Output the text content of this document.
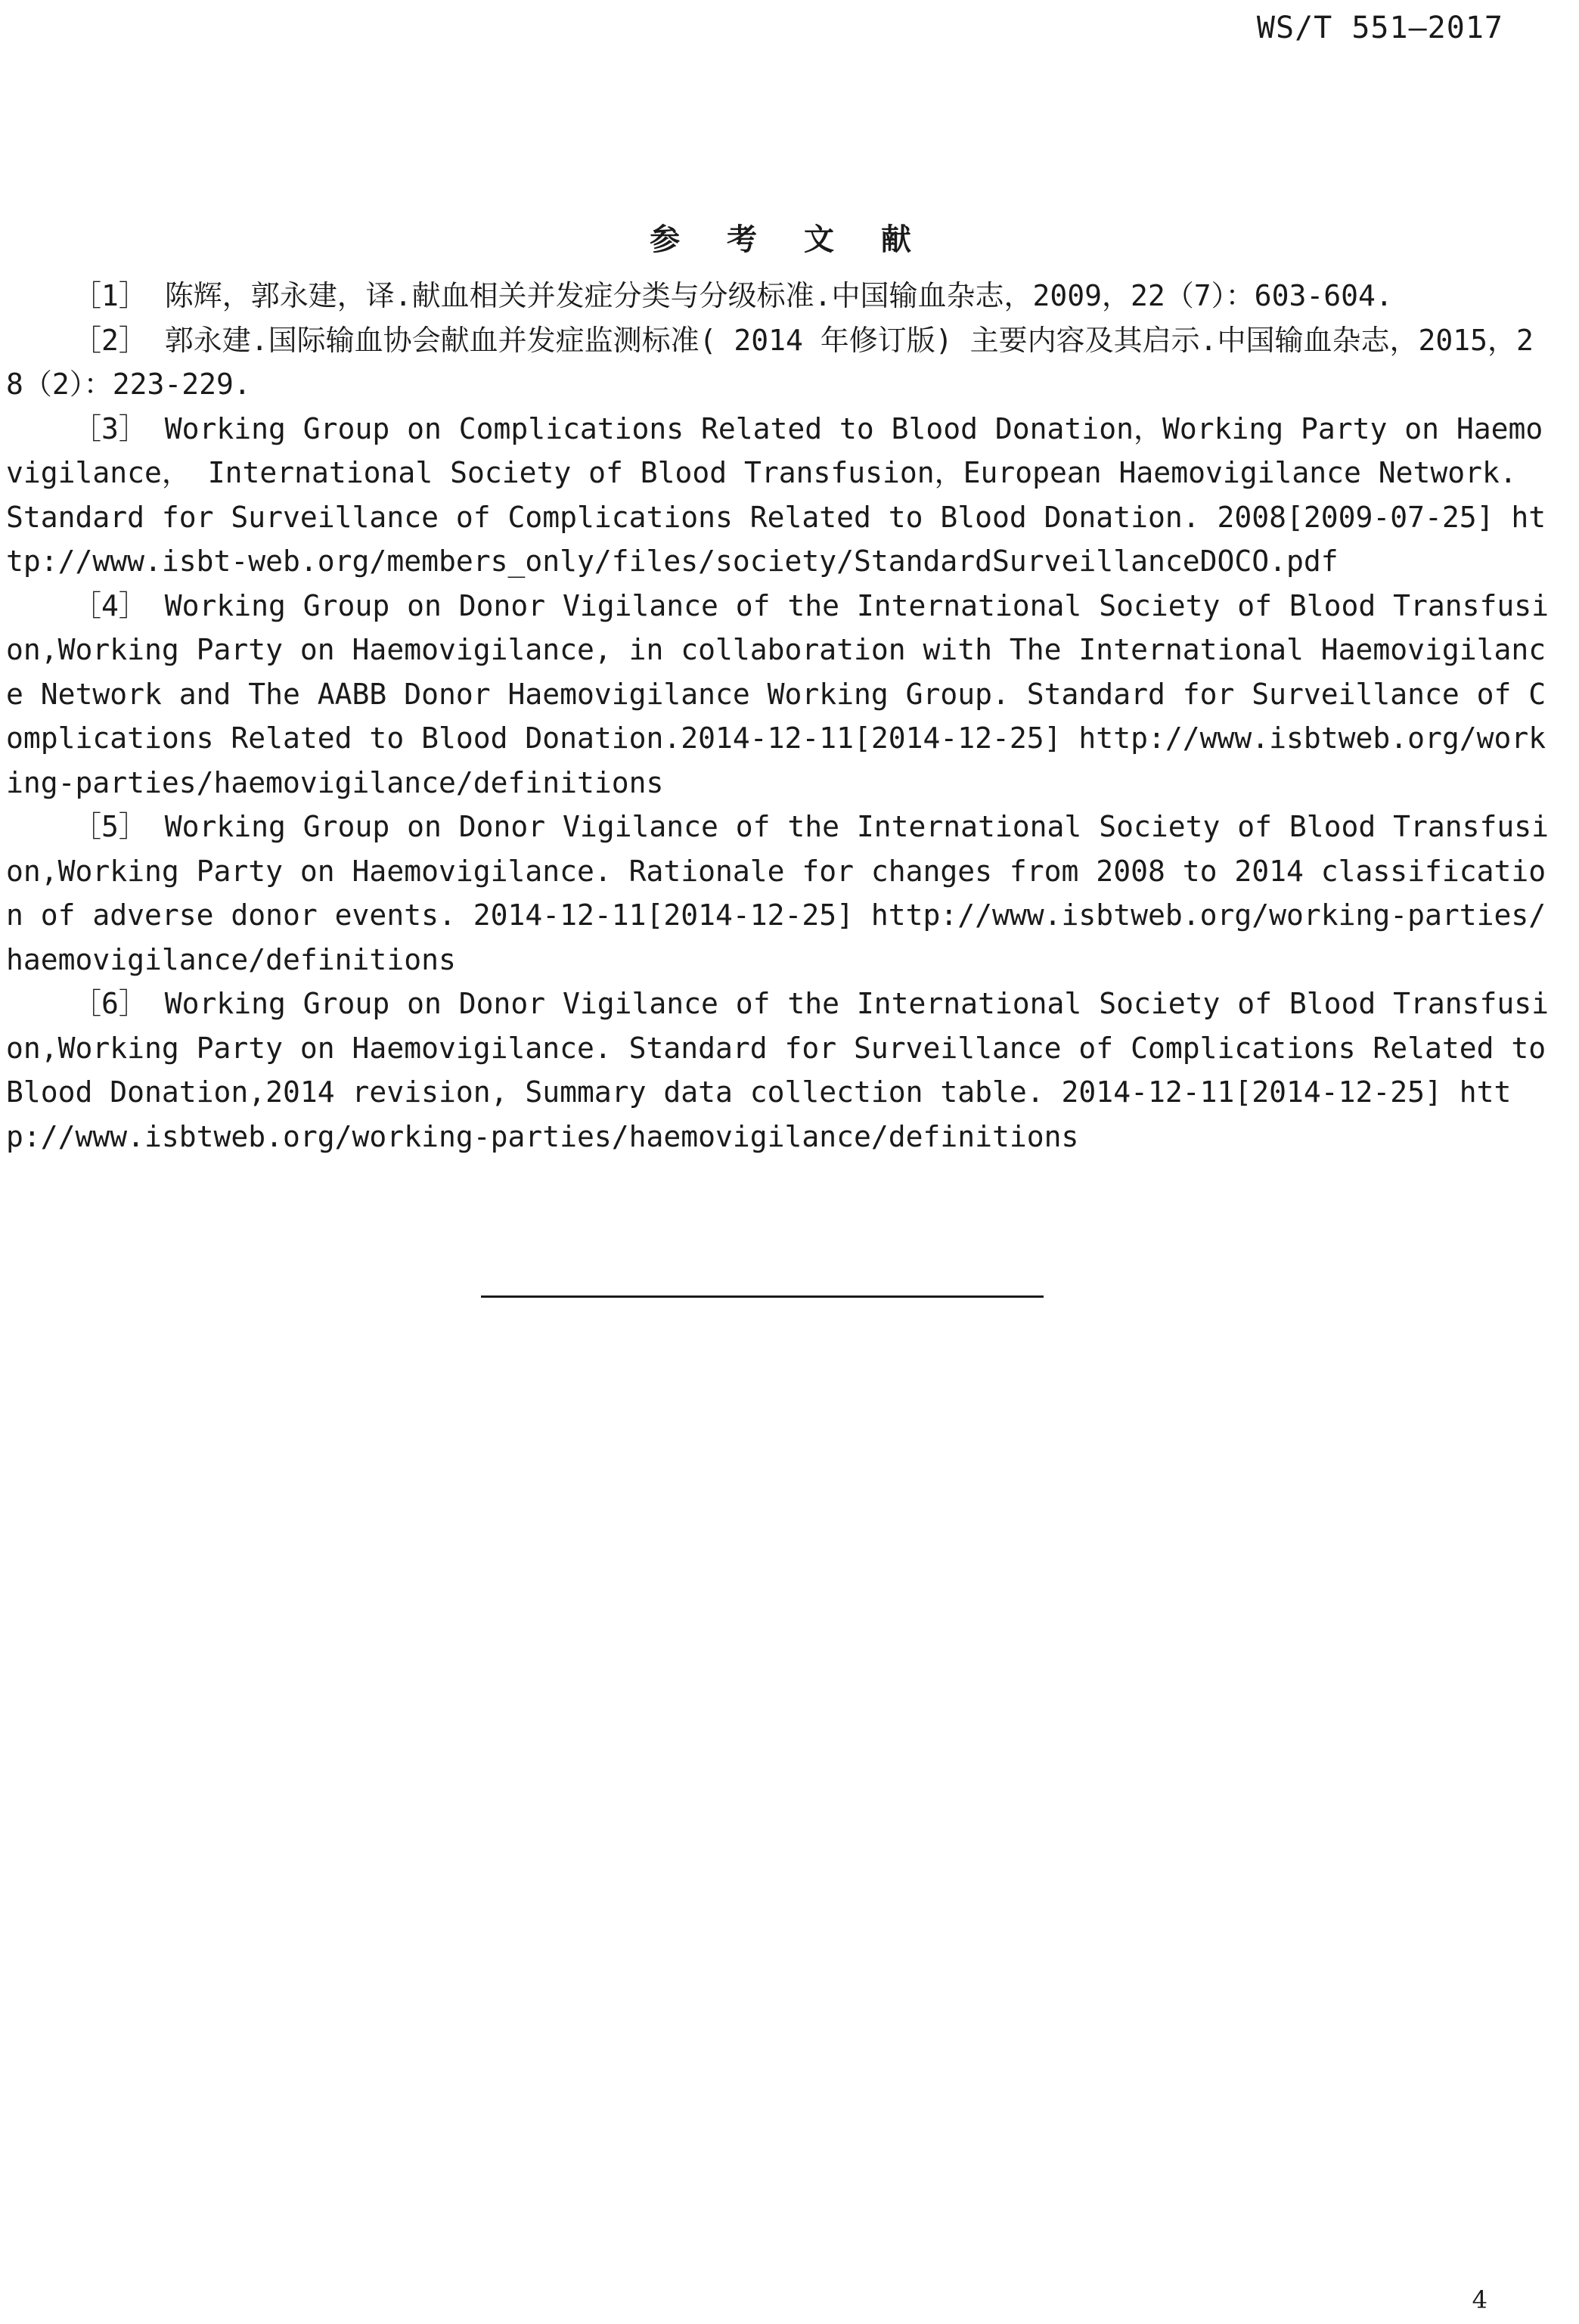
WS/T 551—2017
参 考 文 献
［1］ 陈辉，郭永建，译.献血相关并发症分类与分级标准.中国输血杂志，2009，22（7）：603-604.
［2］ 郭永建.国际输血协会献血并发症监测标准( 2014 年修订版) 主要内容及其启示.中国输血杂志，2015，28（2）：223-229.
［3］ Working Group on Complications Related to Blood Donation，Working Party on Haemovigilance， International Society of Blood Transfusion，European Haemovigilance Network. Standard for Surveillance of Complications Related to Blood Donation. 2008[2009-07-25] http://www.isbt-web.org/members_only/files/society/StandardSurveillanceDOCO.pdf
［4］ Working Group on Donor Vigilance of the International Society of Blood Transfusion,Working Party on Haemovigilance, in collaboration with The International Haemovigilance Network and The AABB Donor Haemovigilance Working Group. Standard for Surveillance of Complications Related to Blood Donation.2014-12-11[2014-12-25] http://www.isbtweb.org/working-parties/haemovigilance/definitions
［5］ Working Group on Donor Vigilance of the International Society of Blood Transfusion,Working Party on Haemovigilance. Rationale for changes from 2008 to 2014 classification of adverse donor events. 2014-12-11[2014-12-25] http://www.isbtweb.org/working-parties/haemovigilance/definitions
［6］ Working Group on Donor Vigilance of the International Society of Blood Transfusion,Working Party on Haemovigilance. Standard for Surveillance of Complications Related to Blood Donation,2014 revision, Summary data collection table. 2014-12-11[2014-12-25] http://www.isbtweb.org/working-parties/haemovigilance/definitions
4
